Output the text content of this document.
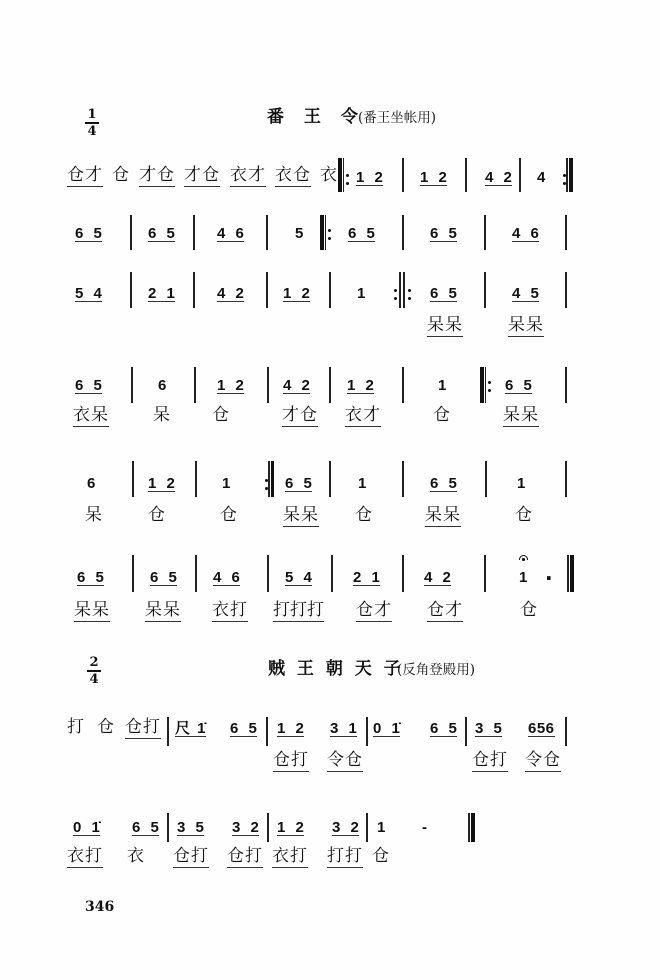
1
4
番 王 令
(番王坐帐用)
仓才 仓 才仓 才仓 衣才 衣仓 衣 1 2 1 2	4 2 4
6 5	6 5	4 6	5	6 5	6 5	4 6
5 4	2 1	4 2	1 2	1	6 5	4 5
呆呆	呆呆
6 5	6	1 2	4 2 1 2	1	6 5
衣呆	呆 仓	才仓 衣才	仓	呆呆
6	1 2	1	6 5	1	6 5	1
呆	仓	仓	呆呆 仓	呆呆	仓
6 5	6 5 4 6	5 4	2 1	4 2	1 ·
呆呆 呆呆 衣打 打打打 仓才 仓才	仓
2
4	贼 王 朝 天 子
(反角登殿用)
打 仓 仓打 尺 1̇ 6 5 1 2 3 1 0 1̇ 6 5 3 5 656
仓打 令仓	仓打 令仓
0 1̇ 6 5 3 5 3 2 1 2 3 2 1 -
衣打 衣 仓打 仓打 衣打 打打 仓
346
